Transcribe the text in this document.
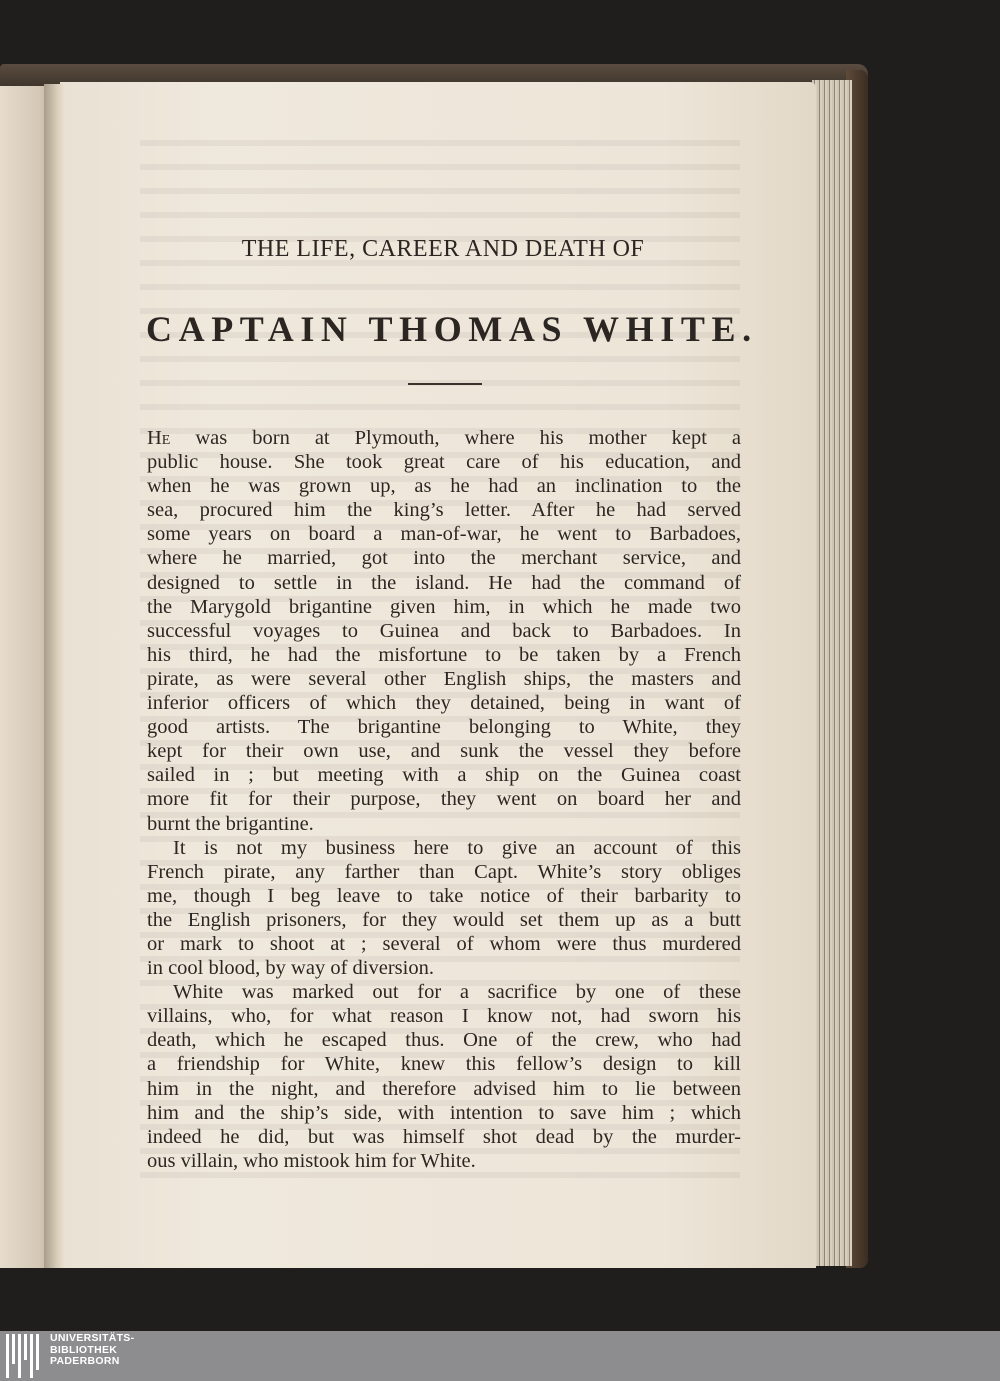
THE LIFE, CAREER AND DEATH OF
CAPTAIN THOMAS WHITE.
He was born at Plymouth, where his mother kept a
public house. She took great care of his education, and
when he was grown up, as he had an inclination to the
sea, procured him the king’s letter. After he had served
some years on board a man-of-war, he went to Barbadoes,
where he married, got into the merchant service, and
designed to settle in the island. He had the command of
the Marygold brigantine given him, in which he made two
successful voyages to Guinea and back to Barbadoes. In
his third, he had the misfortune to be taken by a French
pirate, as were several other English ships, the masters and
inferior officers of which they detained, being in want of
good artists. The brigantine belonging to White, they
kept for their own use, and sunk the vessel they before
sailed in ; but meeting with a ship on the Guinea coast
more fit for their purpose, they went on board her and
burnt the brigantine.
It is not my business here to give an account of this
French pirate, any farther than Capt. White’s story obliges
me, though I beg leave to take notice of their barbarity to
the English prisoners, for they would set them up as a butt
or mark to shoot at ; several of whom were thus murdered
in cool blood, by way of diversion.
White was marked out for a sacrifice by one of these
villains, who, for what reason I know not, had sworn his
death, which he escaped thus. One of the crew, who had
a friendship for White, knew this fellow’s design to kill
him in the night, and therefore advised him to lie between
him and the ship’s side, with intention to save him ; which
indeed he did, but was himself shot dead by the murder-
ous villain, who mistook him for White.
UNIVERSITÄTS-
BIBLIOTHEK
PADERBORN
